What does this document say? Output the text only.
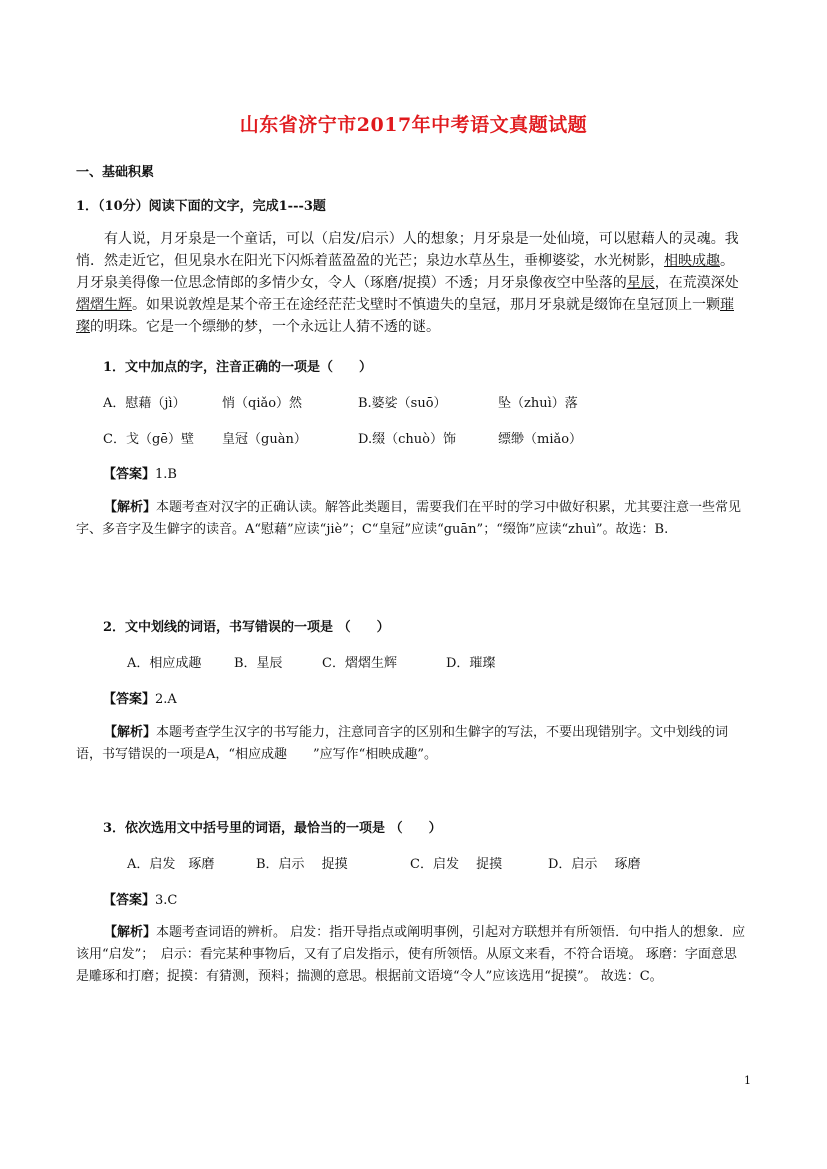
山东省济宁市2017年中考语文真题试题
一、基础积累
1．（10分）阅读下面的文字，完成1---3题
有人说，月牙泉是一个童话，可以（启发/启示）人的想象；月牙泉是一处仙境，可以慰藉人的灵魂。我悄．然走近它，但见泉水在阳光下闪烁着蓝盈盈的光芒；泉边水草丛生，垂柳婆娑，水光树影，相映成趣。月牙泉美得像一位思念情郎的多情少女，令人（琢磨/捉摸）不透；月牙泉像夜空中坠落的星辰，在荒漠深处熠熠生辉。如果说敦煌是某个帝王在途经茫茫戈壁时不慎遗失的皇冠，那月牙泉就是缀饰在皇冠顶上一颗璀璨的明珠。它是一个缥缈的梦，一个永远让人猜不透的谜。
1．文中加点的字，注音正确的一项是（　　）
A．慰藉（jì）	悄（qiǎo）然	B.婆娑（suō）	坠（zhuì）落
C．戈（gē）壁 皇冠（guàn）	D.缀（chuò）饰	缥缈（miǎo）
【答案】1.B
【解析】本题考查对汉字的正确认读。解答此类题目，需要我们在平时的学习中做好积累，尤其要注意一些常见字、多音字及生僻字的读音。A“慰藉”应读“jiè”；C“皇冠”应读“guān”；“缀饰”应读“zhuì”。故选：B.
2．文中划线的词语，书写错误的一项是 （　　）
A．相应成趣	B．星辰	C．熠熠生辉	D．璀璨
【答案】2.A
【解析】本题考查学生汉字的书写能力，注意同音字的区别和生僻字的写法，不要出现错别字。文中划线的词语，书写错误的一项是A，“相应成趣　　”应写作“相映成趣”。
3．依次选用文中括号里的词语，最恰当的一项是 （　　）
A．启发　琢磨	B．启示　 捉摸	C．启发　 捉摸	D．启示　 琢磨
【答案】3.C
【解析】本题考查词语的辨析。 启发：指开导指点或阐明事例，引起对方联想并有所领悟．句中指人的想象．应该用“启发”；　启示：看完某种事物后，又有了启发指示，使有所领悟。从原文来看，不符合语境。 琢磨：字面意思是雕琢和打磨；捉摸：有猜测，预料；揣测的意思。根据前文语境“令人”应该选用“捉摸”。 故选：C。
1
